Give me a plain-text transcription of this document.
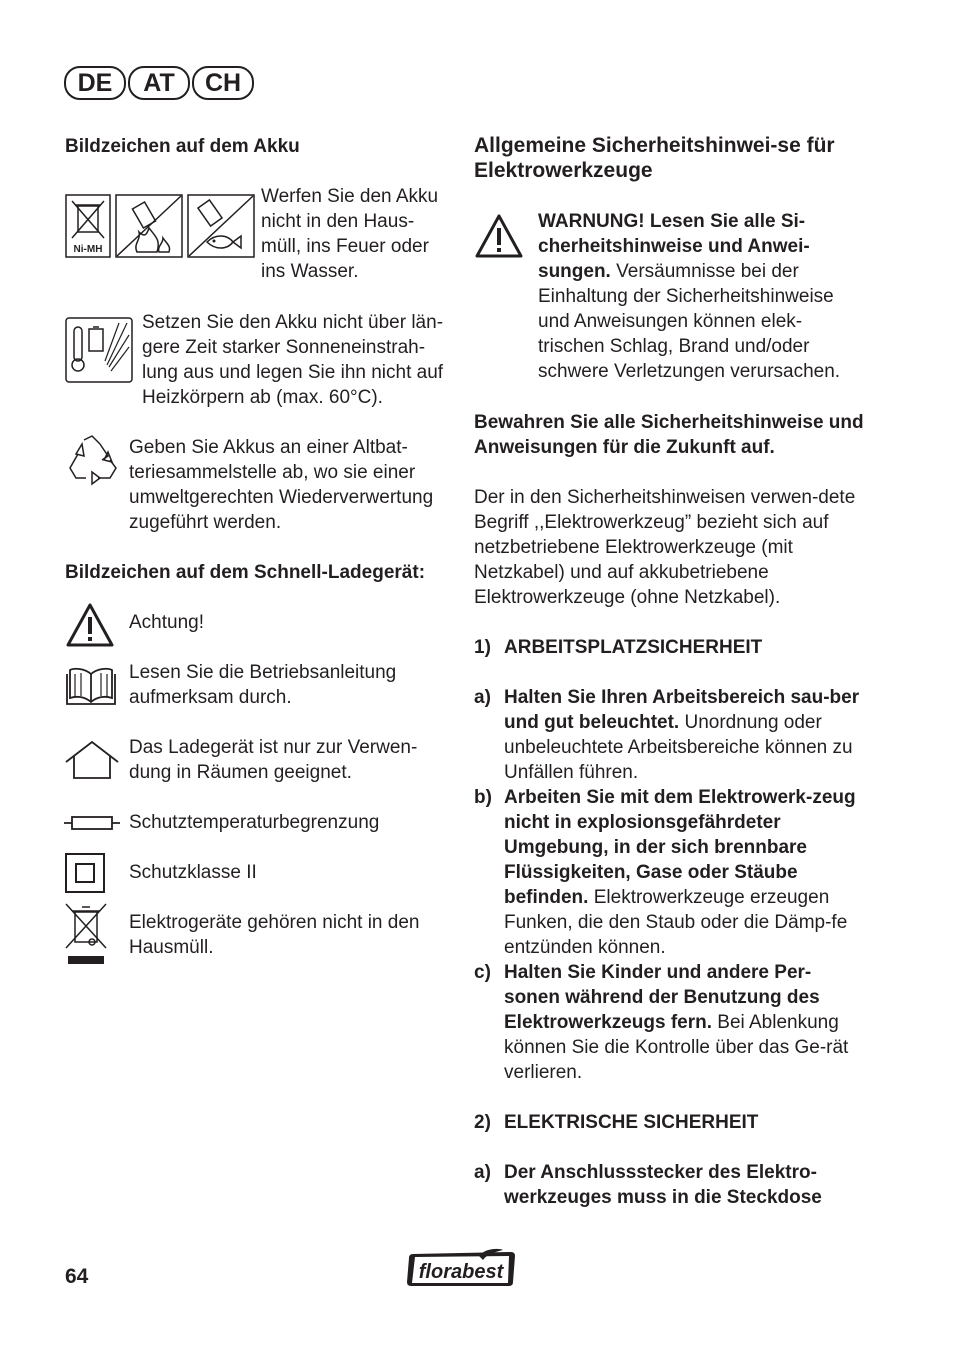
DE	AT	CH
Bildzeichen auf dem Akku
Ni-MH
Werfen Sie den Akku nicht in den Haus-müll, ins Feuer oder ins Wasser.
Setzen Sie den Akku nicht über län-gere Zeit starker Sonneneinstrah-lung aus und legen Sie ihn nicht auf Heizkörpern ab (max. 60°C).
Geben Sie Akkus an einer Altbat-teriesammelstelle ab, wo sie einer umweltgerechten Wiederverwertung zugeführt werden.
Bildzeichen auf dem Schnell-Ladegerät:
Achtung!
Lesen Sie die Betriebsanleitung aufmerksam durch.
Das Ladegerät ist nur zur Verwen-dung in Räumen geeignet.
Schutztemperaturbegrenzung
Schutzklasse II
Elektrogeräte gehören nicht in den Hausmüll.
Allgemeine Sicherheitshinwei-se für Elektrowerkzeuge
WARNUNG! Lesen Sie alle Si-cherheitshinweise und Anwei-sungen. Versäumnisse bei der Einhaltung der Sicherheitshinweise und Anweisungen können elek-trischen Schlag, Brand und/oder schwere Verletzungen verursachen.
Bewahren Sie alle Sicherheitshinweise und Anweisungen für die Zukunft auf.
Der in den Sicherheitshinweisen verwen-dete Begriff ,,Elektrowerkzeug” bezieht sich auf netzbetriebene Elektrowerkzeuge (mit Netzkabel) und auf akkubetriebene Elektrowerkzeuge (ohne Netzkabel).
1) ARBEITSPLATZSICHERHEIT
a) Halten Sie Ihren Arbeitsbereich sau-ber und gut beleuchtet. Unordnung oder unbeleuchtete Arbeitsbereiche können zu Unfällen führen.
b) Arbeiten Sie mit dem Elektrowerk-zeug nicht in explosionsgefährdeter Umgebung, in der sich brennbare Flüssigkeiten, Gase oder Stäube befinden. Elektrowerkzeuge erzeugen Funken, die den Staub oder die Dämp-fe entzünden können.
c) Halten Sie Kinder und andere Per-sonen während der Benutzung des Elektrowerkzeugs fern. Bei Ablenkung können Sie die Kontrolle über das Ge-rät verlieren.
2) ELEKTRISCHE SICHERHEIT
a) Der Anschlussstecker des Elektro-werkzeuges muss in die Steckdose
64	florabest
